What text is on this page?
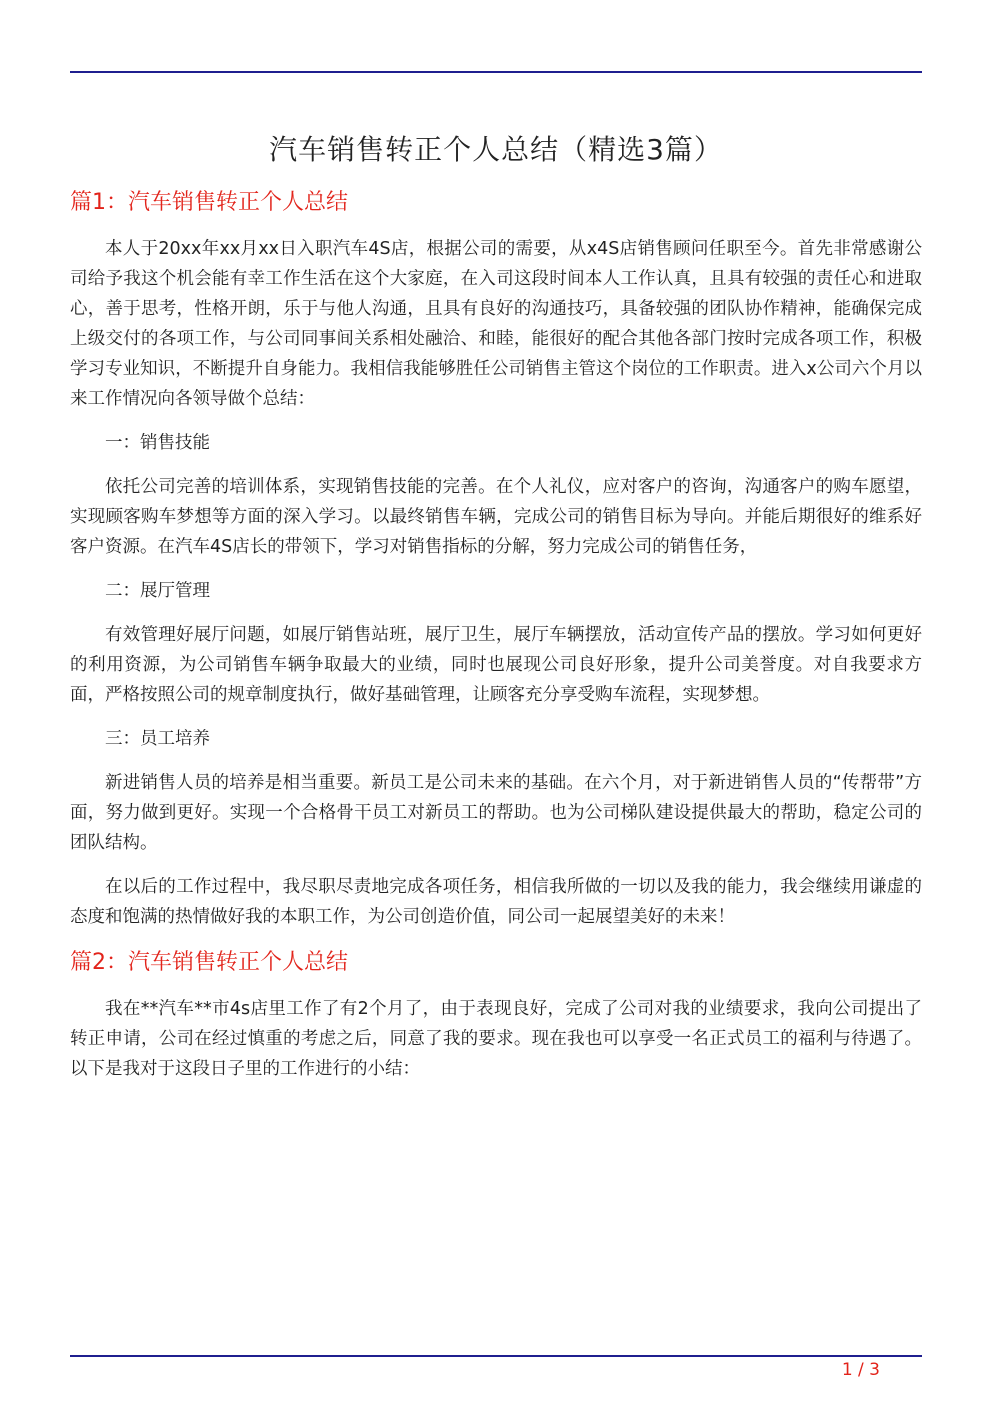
汽车销售转正个人总结（精选3篇）
篇1：汽车销售转正个人总结

本人于20xx年xx月xx日入职汽车4S店，根据公司的需要，从x4S店销售顾问任职至今。首先非常感谢公司给予我这个机会能有幸工作生活在这个大家庭，在入司这段时间本人工作认真，且具有较强的责任心和进取心，善于思考，性格开朗，乐于与他人沟通，且具有良好的沟通技巧，具备较强的团队协作精神，能确保完成上级交付的各项工作，与公司同事间关系相处融洽、和睦，能很好的配合其他各部门按时完成各项工作，积极学习专业知识，不断提升自身能力。我相信我能够胜任公司销售主管这个岗位的工作职责。进入x公司六个月以来工作情况向各领导做个总结：

一：销售技能

依托公司完善的培训体系，实现销售技能的完善。在个人礼仪，应对客户的咨询，沟通客户的购车愿望，实现顾客购车梦想等方面的深入学习。以最终销售车辆，完成公司的销售目标为导向。并能后期很好的维系好客户资源。在汽车4S店长的带领下，学习对销售指标的分解，努力完成公司的销售任务，

二：展厅管理

有效管理好展厅问题，如展厅销售站班，展厅卫生，展厅车辆摆放，活动宣传产品的摆放。学习如何更好的利用资源，为公司销售车辆争取最大的业绩，同时也展现公司良好形象，提升公司美誉度。对自我要求方面，严格按照公司的规章制度执行，做好基础管理，让顾客充分享受购车流程，实现梦想。

三：员工培养

新进销售人员的培养是相当重要。新员工是公司未来的基础。在六个月，对于新进销售人员的“传帮带”方面，努力做到更好。实现一个合格骨干员工对新员工的帮助。也为公司梯队建设提供最大的帮助，稳定公司的团队结构。

在以后的工作过程中，我尽职尽责地完成各项任务，相信我所做的一切以及我的能力，我会继续用谦虚的态度和饱满的热情做好我的本职工作，为公司创造价值，同公司一起展望美好的未来！

篇2：汽车销售转正个人总结

我在**汽车**市4s店里工作了有2个月了，由于表现良好，完成了公司对我的业绩要求，我向公司提出了转正申请，公司在经过慎重的考虑之后，同意了我的要求。现在我也可以享受一名正式员工的福利与待遇了。以下是我对于这段日子里的工作进行的小结：

1 / 3
